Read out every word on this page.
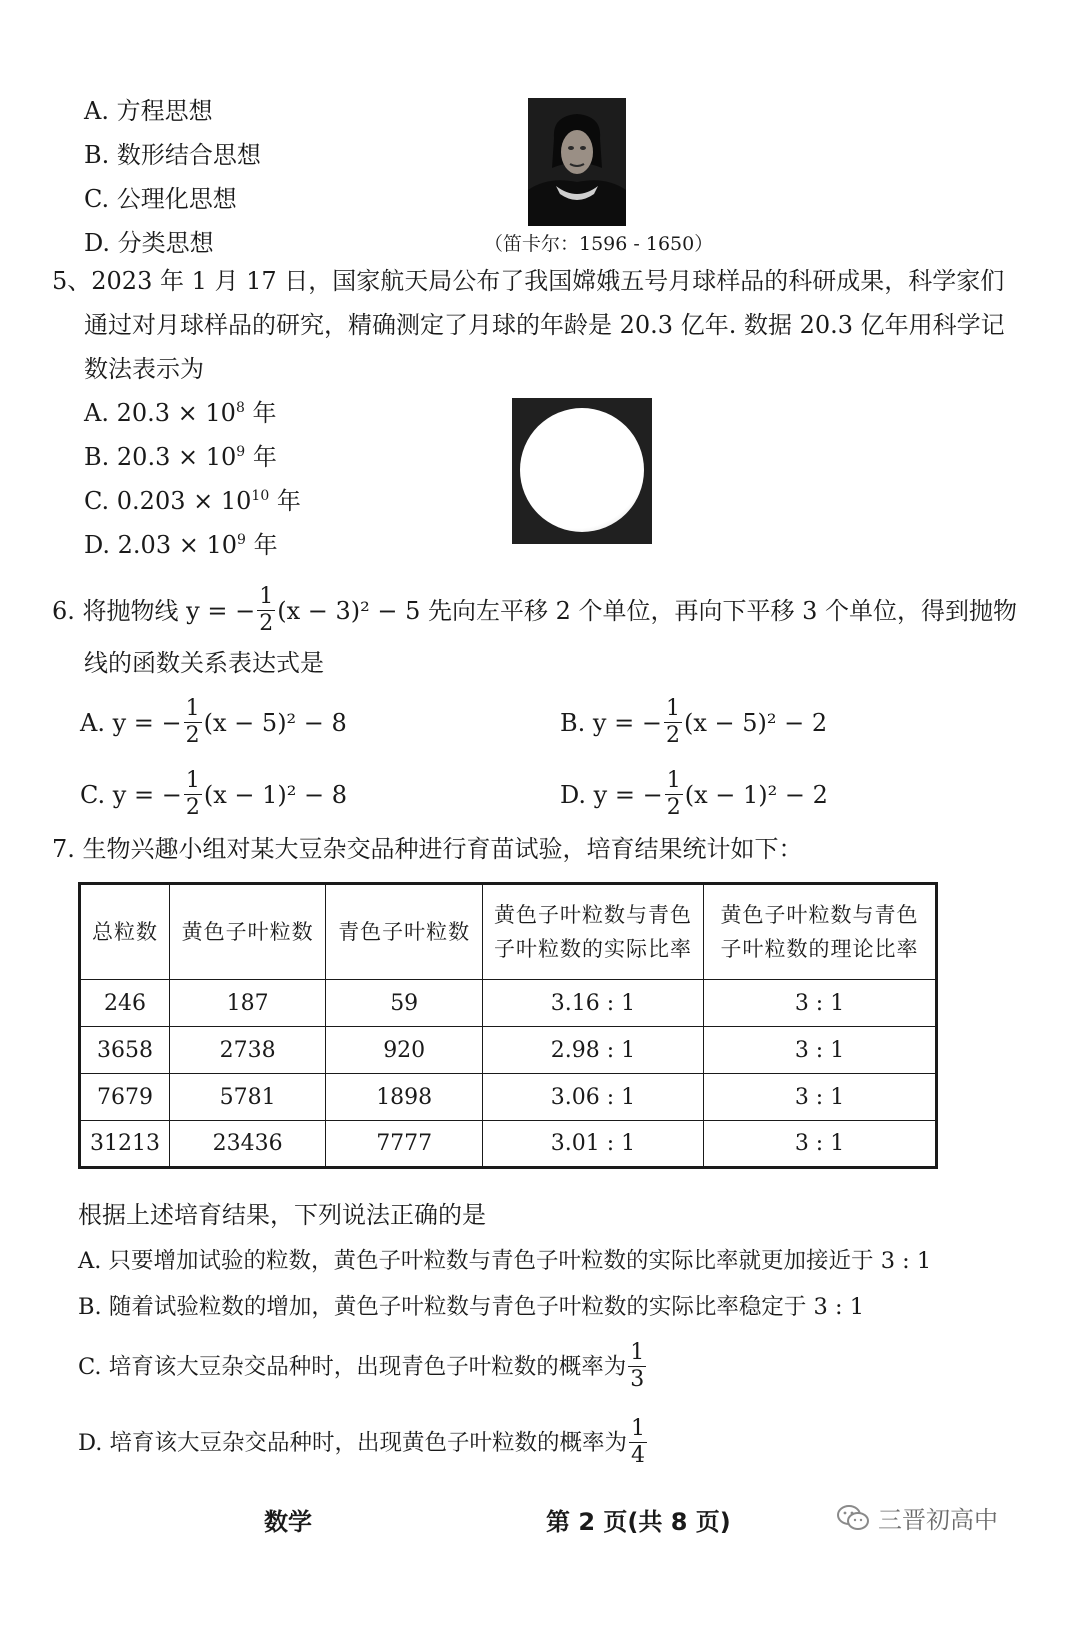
A. 方程思想
B. 数形结合思想
C. 公理化思想
D. 分类思想	（笛卡尔：1596 - 1650）
5、2023 年 1 月 17 日，国家航天局公布了我国嫦娥五号月球样品的科研成果，科学家们
通过对月球样品的研究，精确测定了月球的年龄是 20.3 亿年. 数据 20.3 亿年用科学记
数法表示为
A. $20.3 \times 10^8$ 年
B. $20.3 \times 10^9$ 年
C. $0.203 \times 10^{10}$ 年
D. $2.03 \times 10^9$ 年
6.
将抛物线 y = − $\frac{1}{2} (x - 3)^2 - 5$ 先向左平移 2 个单位，再向下平移 3 个单位，得到抛物
线的函数关系表达式是
A.
y = − $\frac{1}{2} (x - 5)^2 - 8$	B.
y = − $\frac{1}{2} (x - 5)^2 - 2$
C.
y = − $\frac{1}{2} (x - 1)^2 - 8$	D.
y = − $\frac{1}{2} (x - 1)^2 - 2$
7. 生物兴趣小组对某大豆杂交品种进行育苗试验，培育结果统计如下：
总粒数	黄色子叶粒数	青色子叶粒数	黄色子叶粒数与青色
子叶粒数的实际比率	黄色子叶粒数与青色
子叶粒数的理论比率
246	187	59	3.16 : 1	3 : 1
3658	2738	920	2.98 : 1	3 : 1
7679	5781	1898	3.06 : 1	3 : 1
31213	23436	7777	3.01 : 1	3 : 1
根据上述培育结果，下列说法正确的是
A. 只要增加试验的粒数，黄色子叶粒数与青色子叶粒数的实际比率就更加接近于 3 : 1
B. 随着试验粒数的增加，黄色子叶粒数与青色子叶粒数的实际比率稳定于 3 : 1
C. 培育该大豆杂交品种时，出现青色子叶粒数的概率为 $\frac{1}{3}$
D. 培育该大豆杂交品种时，出现黄色子叶粒数的概率为 $\frac{1}{4}$
数学	第 2 页(共 8 页)	三晋初高中
